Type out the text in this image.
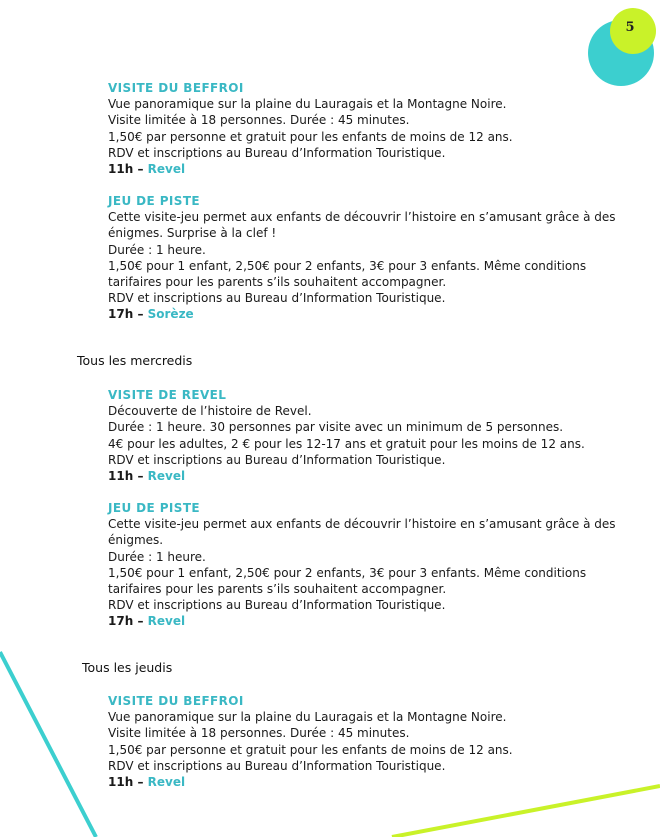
5
Tous les mercredis
Tous les jeudis
VISITE DU BEFFROI
Vue panoramique sur la plaine du Lauragais et la Montagne Noire.
Visite limitée à 18 personnes. Durée : 45 minutes.
1,50€ par personne et gratuit pour les enfants de moins de 12 ans.
RDV et inscriptions au Bureau d’Information Touristique.
11h – Revel
JEU DE PISTE
Cette visite-jeu permet aux enfants de découvrir l’histoire en s’amusant grâce à des
énigmes. Surprise à la clef !
Durée : 1 heure.
1,50€ pour 1 enfant, 2,50€ pour 2 enfants, 3€ pour 3 enfants. Même conditions
tarifaires pour les parents s’ils souhaitent accompagner.
RDV et inscriptions au Bureau d’Information Touristique.
17h – Sorèze
VISITE DE REVEL
Découverte de l’histoire de Revel.
Durée : 1 heure. 30 personnes par visite avec un minimum de 5 personnes.
4€ pour les adultes, 2 € pour les 12-17 ans et gratuit pour les moins de 12 ans.
RDV et inscriptions au Bureau d’Information Touristique.
11h – Revel
JEU DE PISTE
Cette visite-jeu permet aux enfants de découvrir l’histoire en s’amusant grâce à des
énigmes.
Durée : 1 heure.
1,50€ pour 1 enfant, 2,50€ pour 2 enfants, 3€ pour 3 enfants. Même conditions
tarifaires pour les parents s’ils souhaitent accompagner.
RDV et inscriptions au Bureau d’Information Touristique.
17h – Revel
VISITE DU BEFFROI
Vue panoramique sur la plaine du Lauragais et la Montagne Noire.
Visite limitée à 18 personnes. Durée : 45 minutes.
1,50€ par personne et gratuit pour les enfants de moins de 12 ans.
RDV et inscriptions au Bureau d’Information Touristique.
11h – Revel
